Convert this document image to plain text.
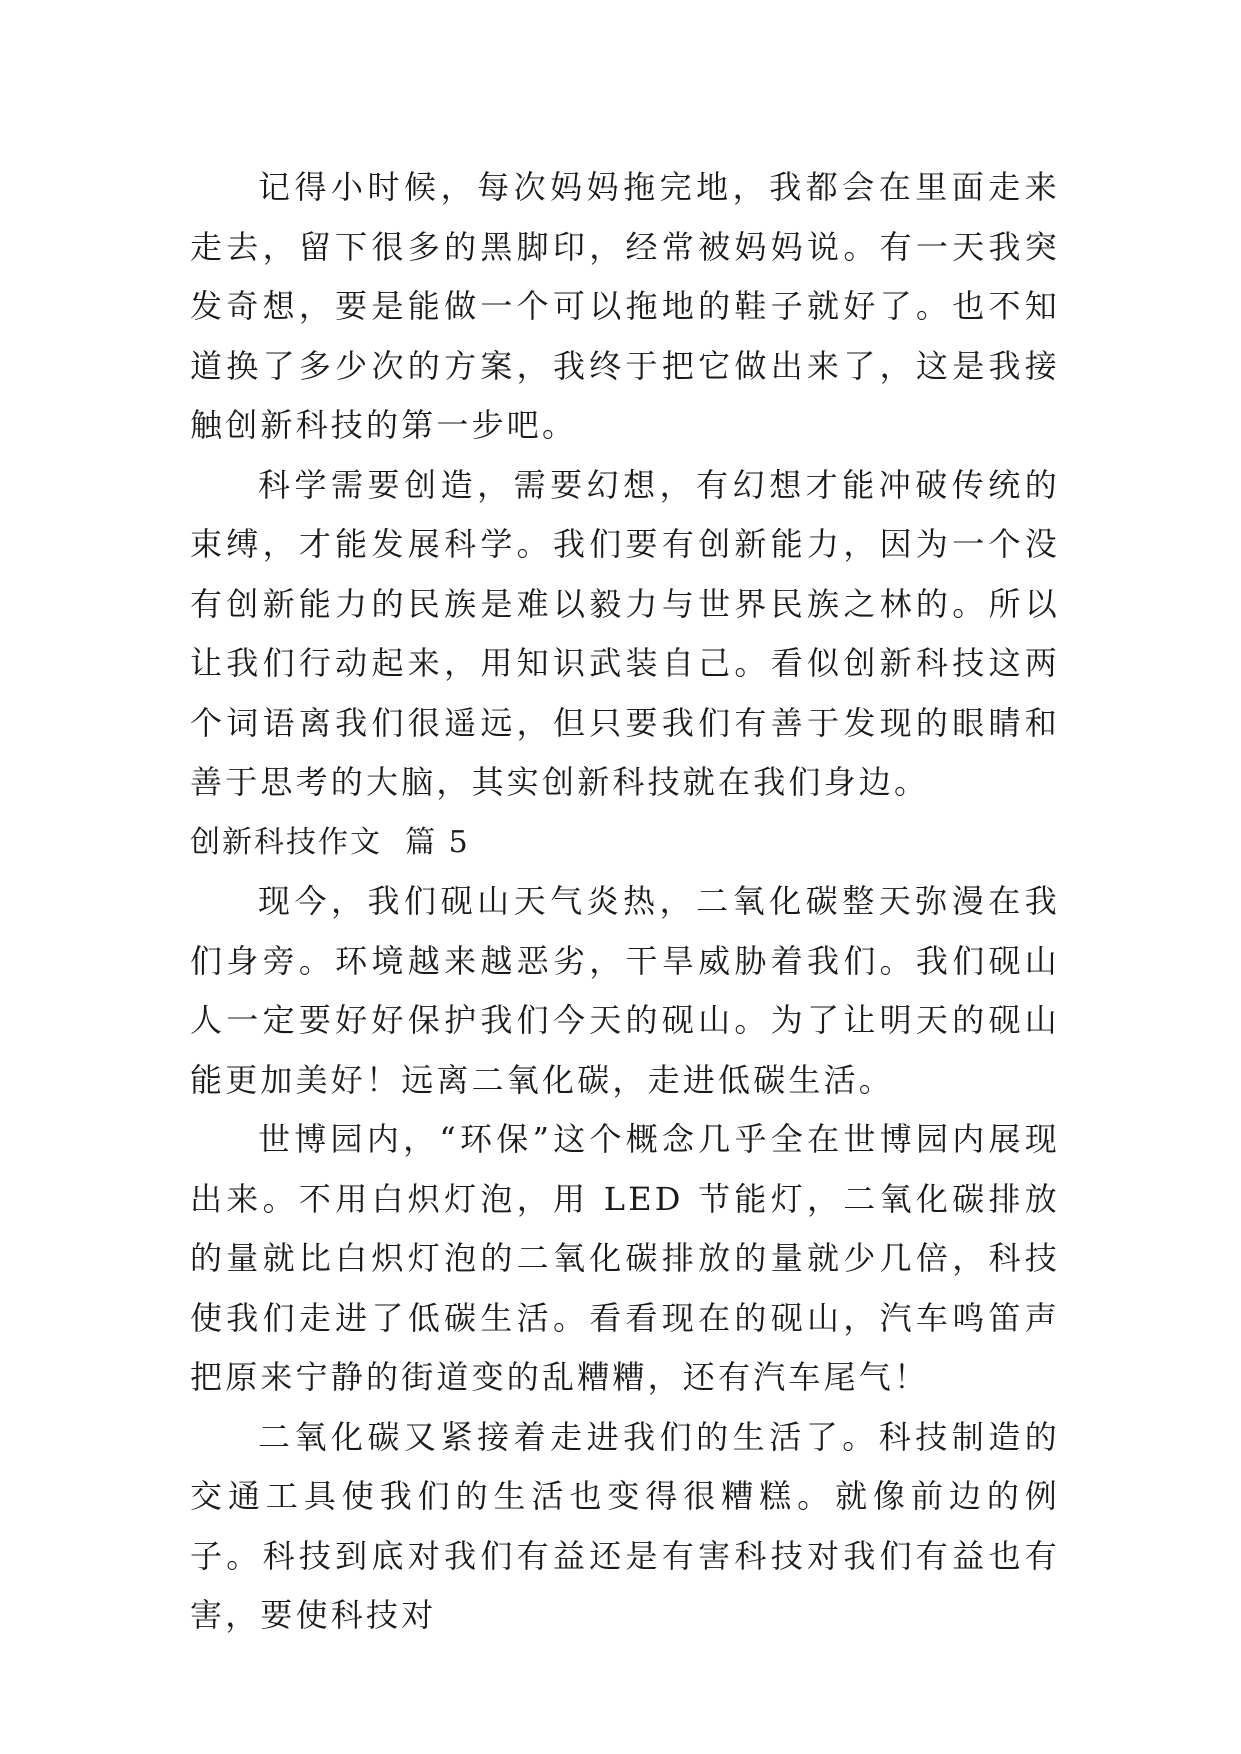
记得小时候，每次妈妈拖完地，我都会在里面走来走去，留下很多的黑脚印，经常被妈妈说。有一天我突发奇想，要是能做一个可以拖地的鞋子就好了。也不知道换了多少次的方案，我终于把它做出来了，这是我接触创新科技的第一步吧。

科学需要创造，需要幻想，有幻想才能冲破传统的束缚，才能发展科学。我们要有创新能力，因为一个没有创新能力的民族是难以毅力与世界民族之林的。所以让我们行动起来，用知识武装自己。看似创新科技这两个词语离我们很遥远，但只要我们有善于发现的眼睛和善于思考的大脑，其实创新科技就在我们身边。

创新科技作文  篇 5

现今，我们砚山天气炎热，二氧化碳整天弥漫在我们身旁。环境越来越恶劣，干旱威胁着我们。我们砚山人一定要好好保护我们今天的砚山。为了让明天的砚山能更加美好！远离二氧化碳，走进低碳生活。

世博园内，“环保”这个概念几乎全在世博园内展现出来。不用白炽灯泡，用 LED 节能灯，二氧化碳排放的量就比白炽灯泡的二氧化碳排放的量就少几倍，科技使我们走进了低碳生活。看看现在的砚山，汽车鸣笛声把原来宁静的街道变的乱糟糟，还有汽车尾气！

二氧化碳又紧接着走进我们的生活了。科技制造的交通工具使我们的生活也变得很糟糕。就像前边的例子。科技到底对我们有益还是有害科技对我们有益也有害，要使科技对
